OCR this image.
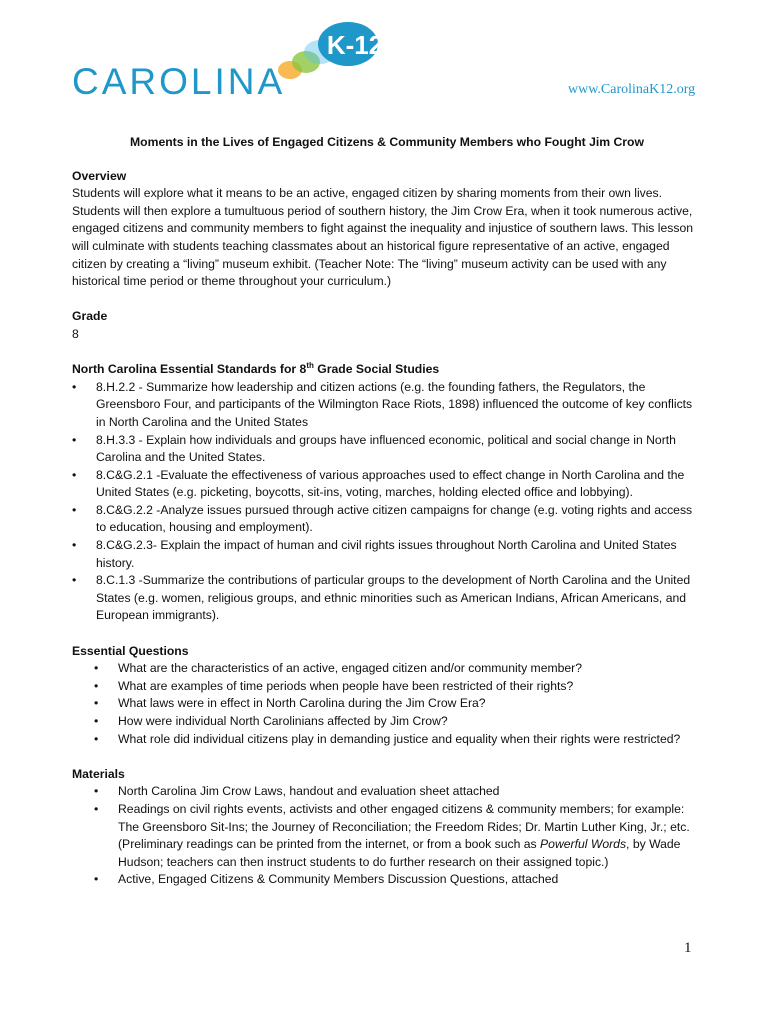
K-12
CAROLINA	www.CarolinaK12.org

Moments in the Lives of Engaged Citizens & Community Members who Fought Jim Crow

Overview

Students will explore what it means to be an active, engaged citizen by sharing moments from their own lives. Students will then explore a tumultuous period of southern history, the Jim Crow Era, when it took numerous active, engaged citizens and community members to fight against the inequality and injustice of southern laws. This lesson will culminate with students teaching classmates about an historical figure representative of an active, engaged citizen by creating a “living” museum exhibit. (Teacher Note: The “living” museum activity can be used with any historical time period or theme throughout your curriculum.)

Grade

8

North Carolina Essential Standards for 8th Grade Social Studies

• 8.H.2.2 - Summarize how leadership and citizen actions (e.g. the founding fathers, the Regulators, the Greensboro Four, and participants of the Wilmington Race Riots, 1898) influenced the outcome of key conflicts in North Carolina and the United States
• 8.H.3.3 - Explain how individuals and groups have influenced economic, political and social change in North Carolina and the United States.
• 8.C&G.2.1 -Evaluate the effectiveness of various approaches used to effect change in North Carolina and the United States (e.g. picketing, boycotts, sit-ins, voting, marches, holding elected office and lobbying).
• 8.C&G.2.2 -Analyze issues pursued through active citizen campaigns for change (e.g. voting rights and access to education, housing and employment).
• 8.C&G.2.3- Explain the impact of human and civil rights issues throughout North Carolina and United States history.
• 8.C.1.3 -Summarize the contributions of particular groups to the development of North Carolina and the United States (e.g. women, religious groups, and ethnic minorities such as American Indians, African Americans, and European immigrants).

Essential Questions

• What are the characteristics of an active, engaged citizen and/or community member?
• What are examples of time periods when people have been restricted of their rights?
• What laws were in effect in North Carolina during the Jim Crow Era?
• How were individual North Carolinians affected by Jim Crow?
• What role did individual citizens play in demanding justice and equality when their rights were restricted?

Materials

• North Carolina Jim Crow Laws, handout and evaluation sheet attached
• Readings on civil rights events, activists and other engaged citizens & community members; for example: The Greensboro Sit-Ins; the Journey of Reconciliation; the Freedom Rides; Dr. Martin Luther King, Jr.; etc. (Preliminary readings can be printed from the internet, or from a book such as Powerful Words, by Wade Hudson; teachers can then instruct students to do further research on their assigned topic.)
• Active, Engaged Citizens & Community Members Discussion Questions, attached
1
